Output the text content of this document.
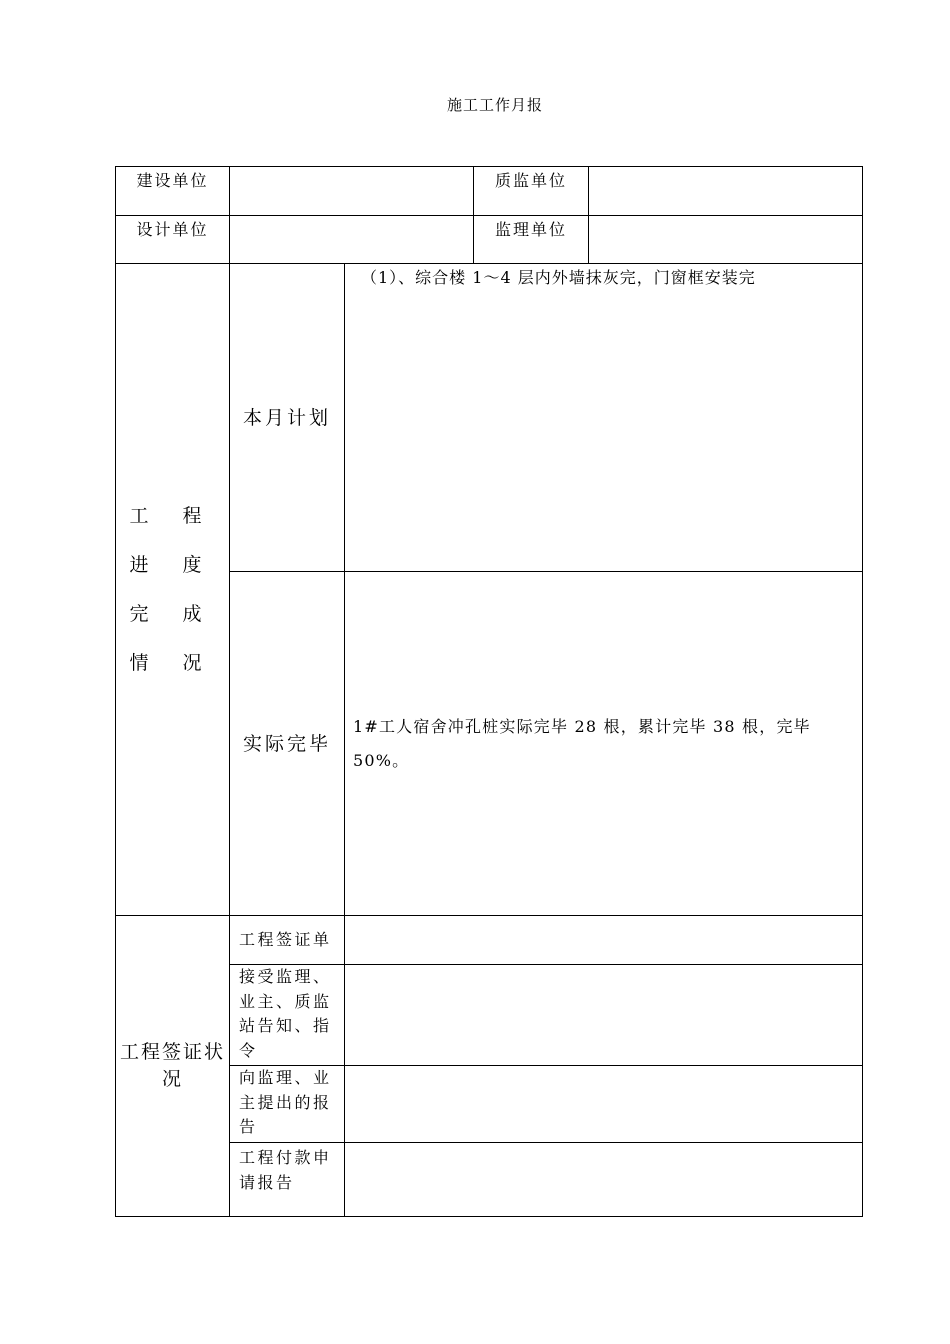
施工工作月报
建设单位			质监单位	
设计单位			监理单位	

工 程
进 度
完 成
情 况	本月计划	（1）、综合楼 1～4 层内外墙抹灰完，门窗框安装完		
	实际完毕	1#工人宿舍冲孔桩实际完毕 28 根，累计完毕 38 根，完毕 50%。		
工程签证状况	工程签证单			
	接受监理、业主、质监站告知、指令			
	向监理、业主提出的报告			
	工程付款申请报告			
